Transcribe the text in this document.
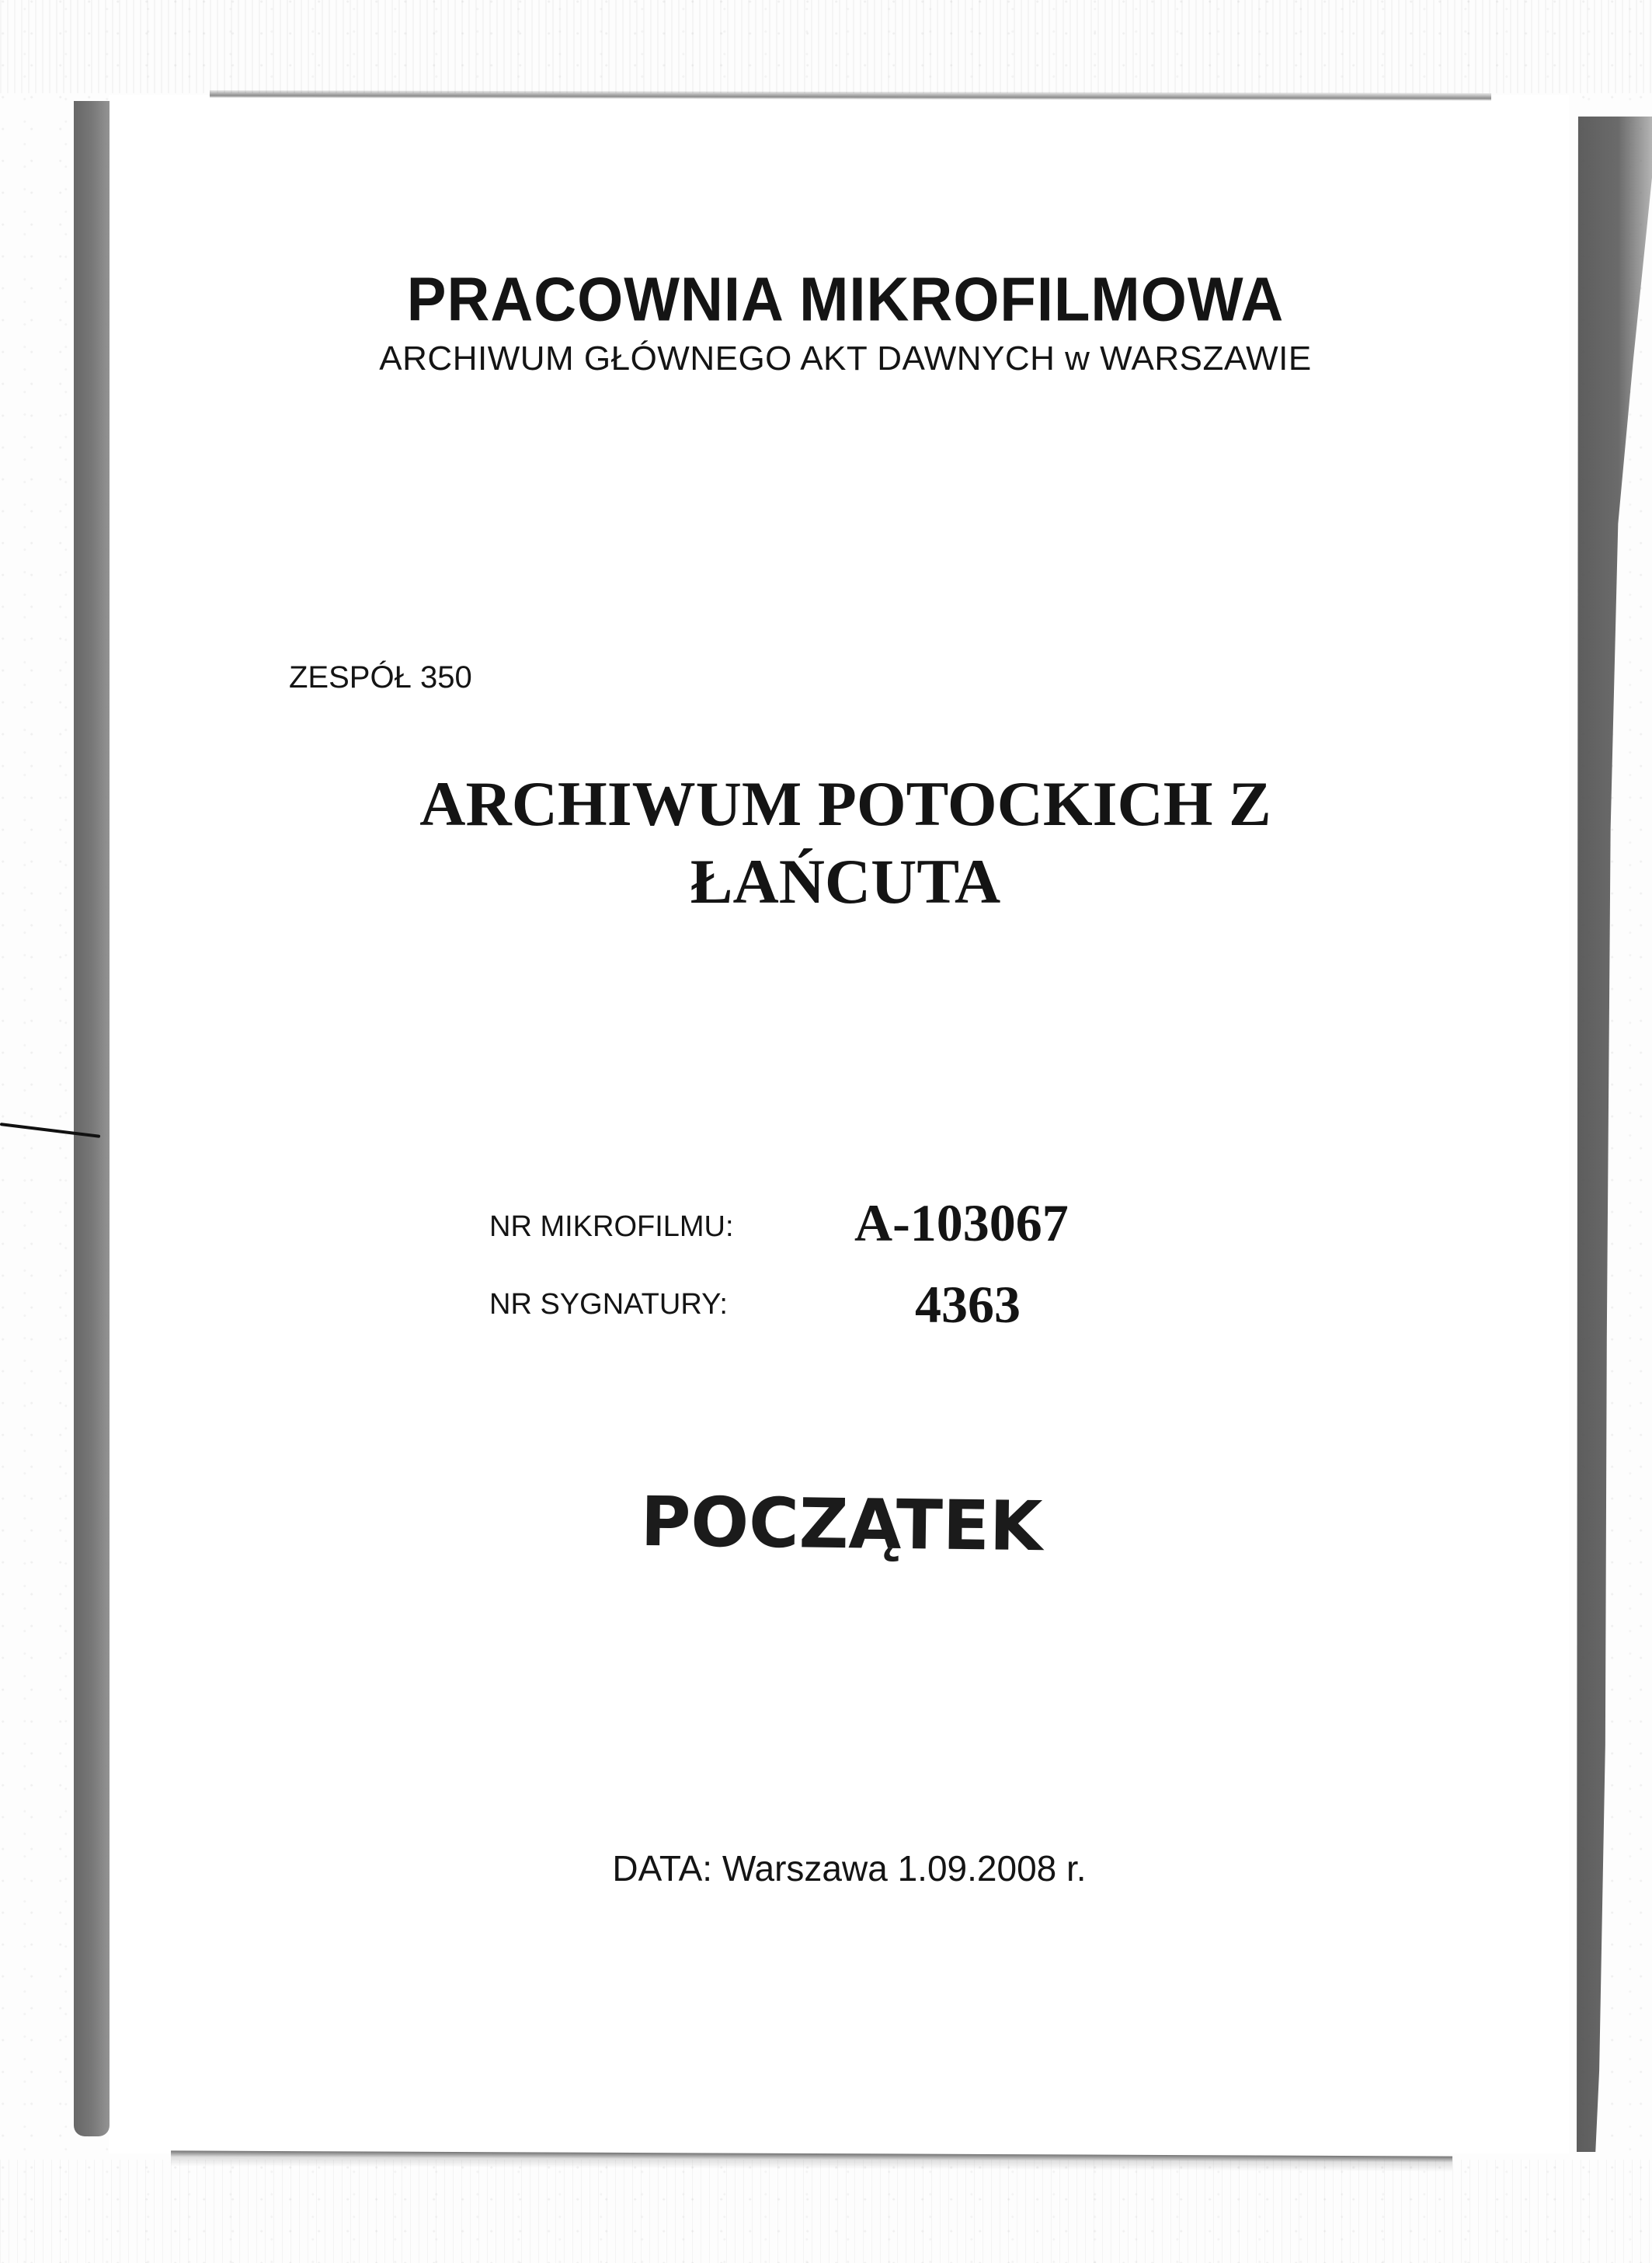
PRACOWNIA MIKROFILMOWA
ARCHIWUM GŁÓWNEGO AKT DAWNYCH w WARSZAWIE
ZESPÓŁ 350
ARCHIWUM POTOCKICH Z
ŁAŃCUTA
NR MIKROFILMU: A-103067
NR SYGNATURY:	4363
POCZĄTEK
DATA: Warszawa 1.09.2008 r.
